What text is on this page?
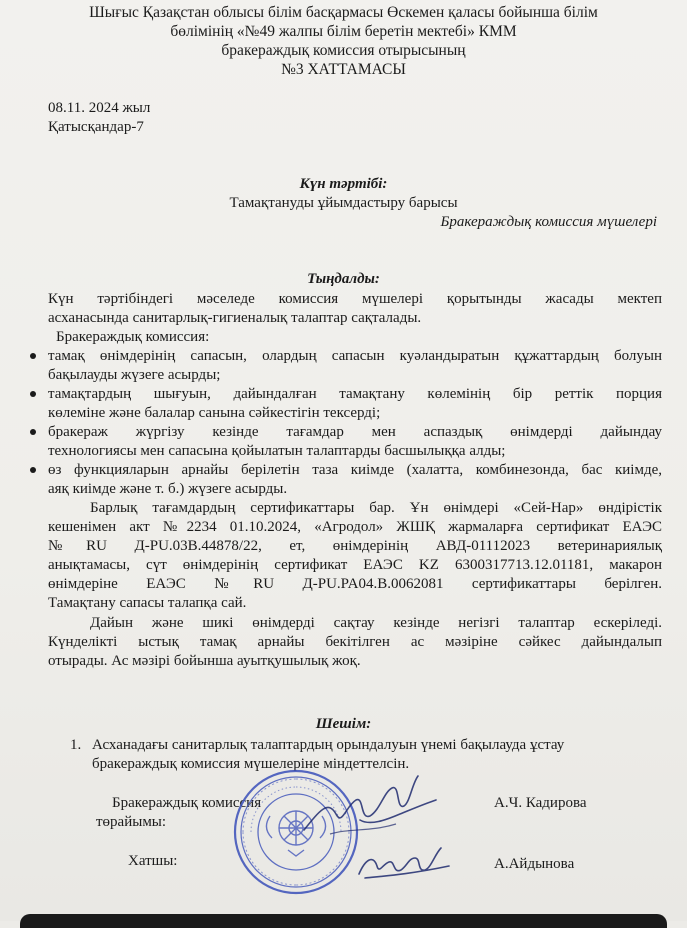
Шығыс Қазақстан облысы білім басқармасы Өскемен қаласы бойынша білім
бөлімінің «№49 жалпы білім беретін мектебі» КММ
бракераждық комиссия отырысының
№3 ХАТТАМАСЫ
08.11. 2024 жыл
Қатысқандар-7
Күн тәртібі:
Тамақтануды ұйымдастыру барысы
Бракераждық комиссия мүшелері
Тыңдалды:
Күн тәртібіндегі мәселеде комиссия мүшелері қорытынды жасады мектеп
асханасында санитарлық-гигиеналық талаптар сақталады.
Бракераждық комиссия:
тамақ өнімдерінің сапасын, олардың сапасын куәландыратын құжаттардың болуын
бақылауды жүзеге асырды;
тамақтардың шығуын, дайындалған тамақтану көлемінің бір реттік порция
көлеміне және балалар санына сәйкестігін тексерді;
бракераж жүргізу кезінде тағамдар мен аспаздық өнімдерді дайындау
технологиясы мен сапасына қойылатын талаптарды басшылыққа алды;
өз функцияларын арнайы берілетін таза киімде (халатта, комбинезонда, бас киімде,
аяқ киімде және т. б.) жүзеге асырды.
Барлық тағамдардың сертификаттары бар. Ұн өнімдері «Сей-Нар» өндірістік
кешенімен акт №2234 01.10.2024, «Агродол» ЖШҚ жармаларға сертификат ЕАЭС
№RU Д-PU.03В.44878/22, ет, өнімдерінің АВД-01112023 ветеринариялық
анықтамасы, сүт өнімдерінің сертификат ЕАЭС KZ 6300317713.12.01181, макарон
өнімдеріне ЕАЭС №RU Д-PU.PA04.B.0062081 сертификаттары берілген.
Тамақтану сапасы талапқа сай.
Дайын және шикі өнімдерді сақтау кезінде негізгі талаптар ескеріледі.
Күнделікті ыстық тамақ арнайы бекітілген ас мәзіріне сәйкес дайындалып
отырады. Ас мәзірі бойынша ауытқушылық жоқ.
Шешім:
1. Асханадағы санитарлық талаптардың орындалуын үнемі бақылауда ұстау
бракераждық комиссия мүшелеріне міндеттелсін.
Бракераждық комиссия
төрайымы:
А.Ч. Кадирова
Хатшы:	А.Айдынова
